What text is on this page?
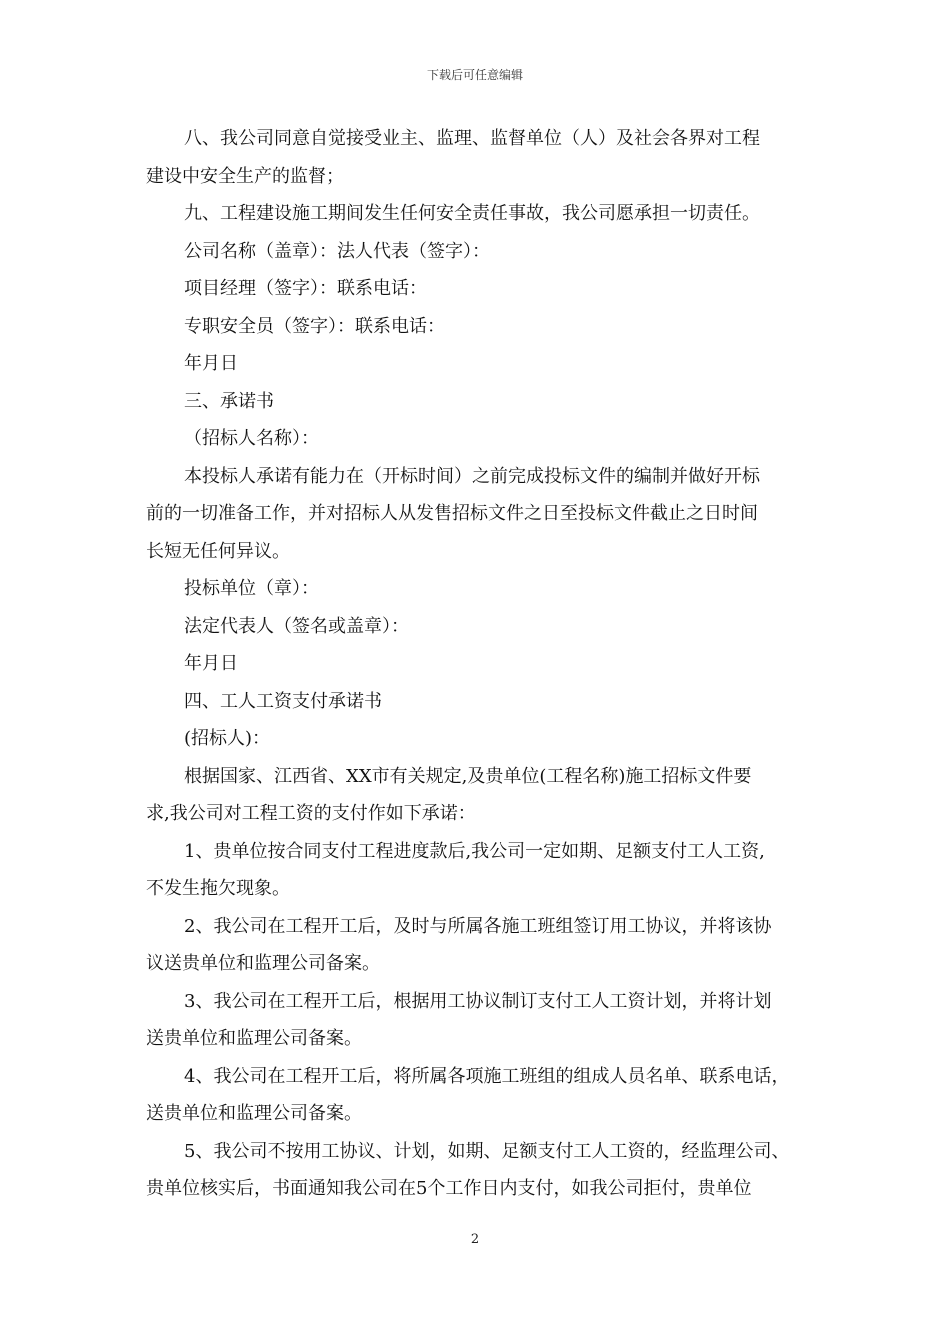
下载后可任意编辑
八、我公司同意自觉接受业主、监理、监督单位（人）及社会各界对工程
建设中安全生产的监督；
九、工程建设施工期间发生任何安全责任事故，我公司愿承担一切责任。
公司名称（盖章）：法人代表（签字）：
项目经理（签字）：联系电话：
专职安全员（签字）：联系电话：
年月日
三、承诺书
（招标人名称）：
本投标人承诺有能力在（开标时间）之前完成投标文件的编制并做好开标
前的一切准备工作，并对招标人从发售招标文件之日至投标文件截止之日时间
长短无任何异议。
投标单位（章）：
法定代表人（签名或盖章）：
年月日
四、工人工资支付承诺书
(招标人)：
根据国家、江西省、XX市有关规定,及贵单位(工程名称)施工招标文件要
求,我公司对工程工资的支付作如下承诺：
1、贵单位按合同支付工程进度款后,我公司一定如期、足额支付工人工资,
不发生拖欠现象。
2、我公司在工程开工后，及时与所属各施工班组签订用工协议，并将该协
议送贵单位和监理公司备案。
3、我公司在工程开工后，根据用工协议制订支付工人工资计划，并将计划
送贵单位和监理公司备案。
4、我公司在工程开工后，将所属各项施工班组的组成人员名单、联系电话，
送贵单位和监理公司备案。
5、我公司不按用工协议、计划，如期、足额支付工人工资的，经监理公司、
贵单位核实后，书面通知我公司在5个工作日内支付，如我公司拒付，贵单位
2
